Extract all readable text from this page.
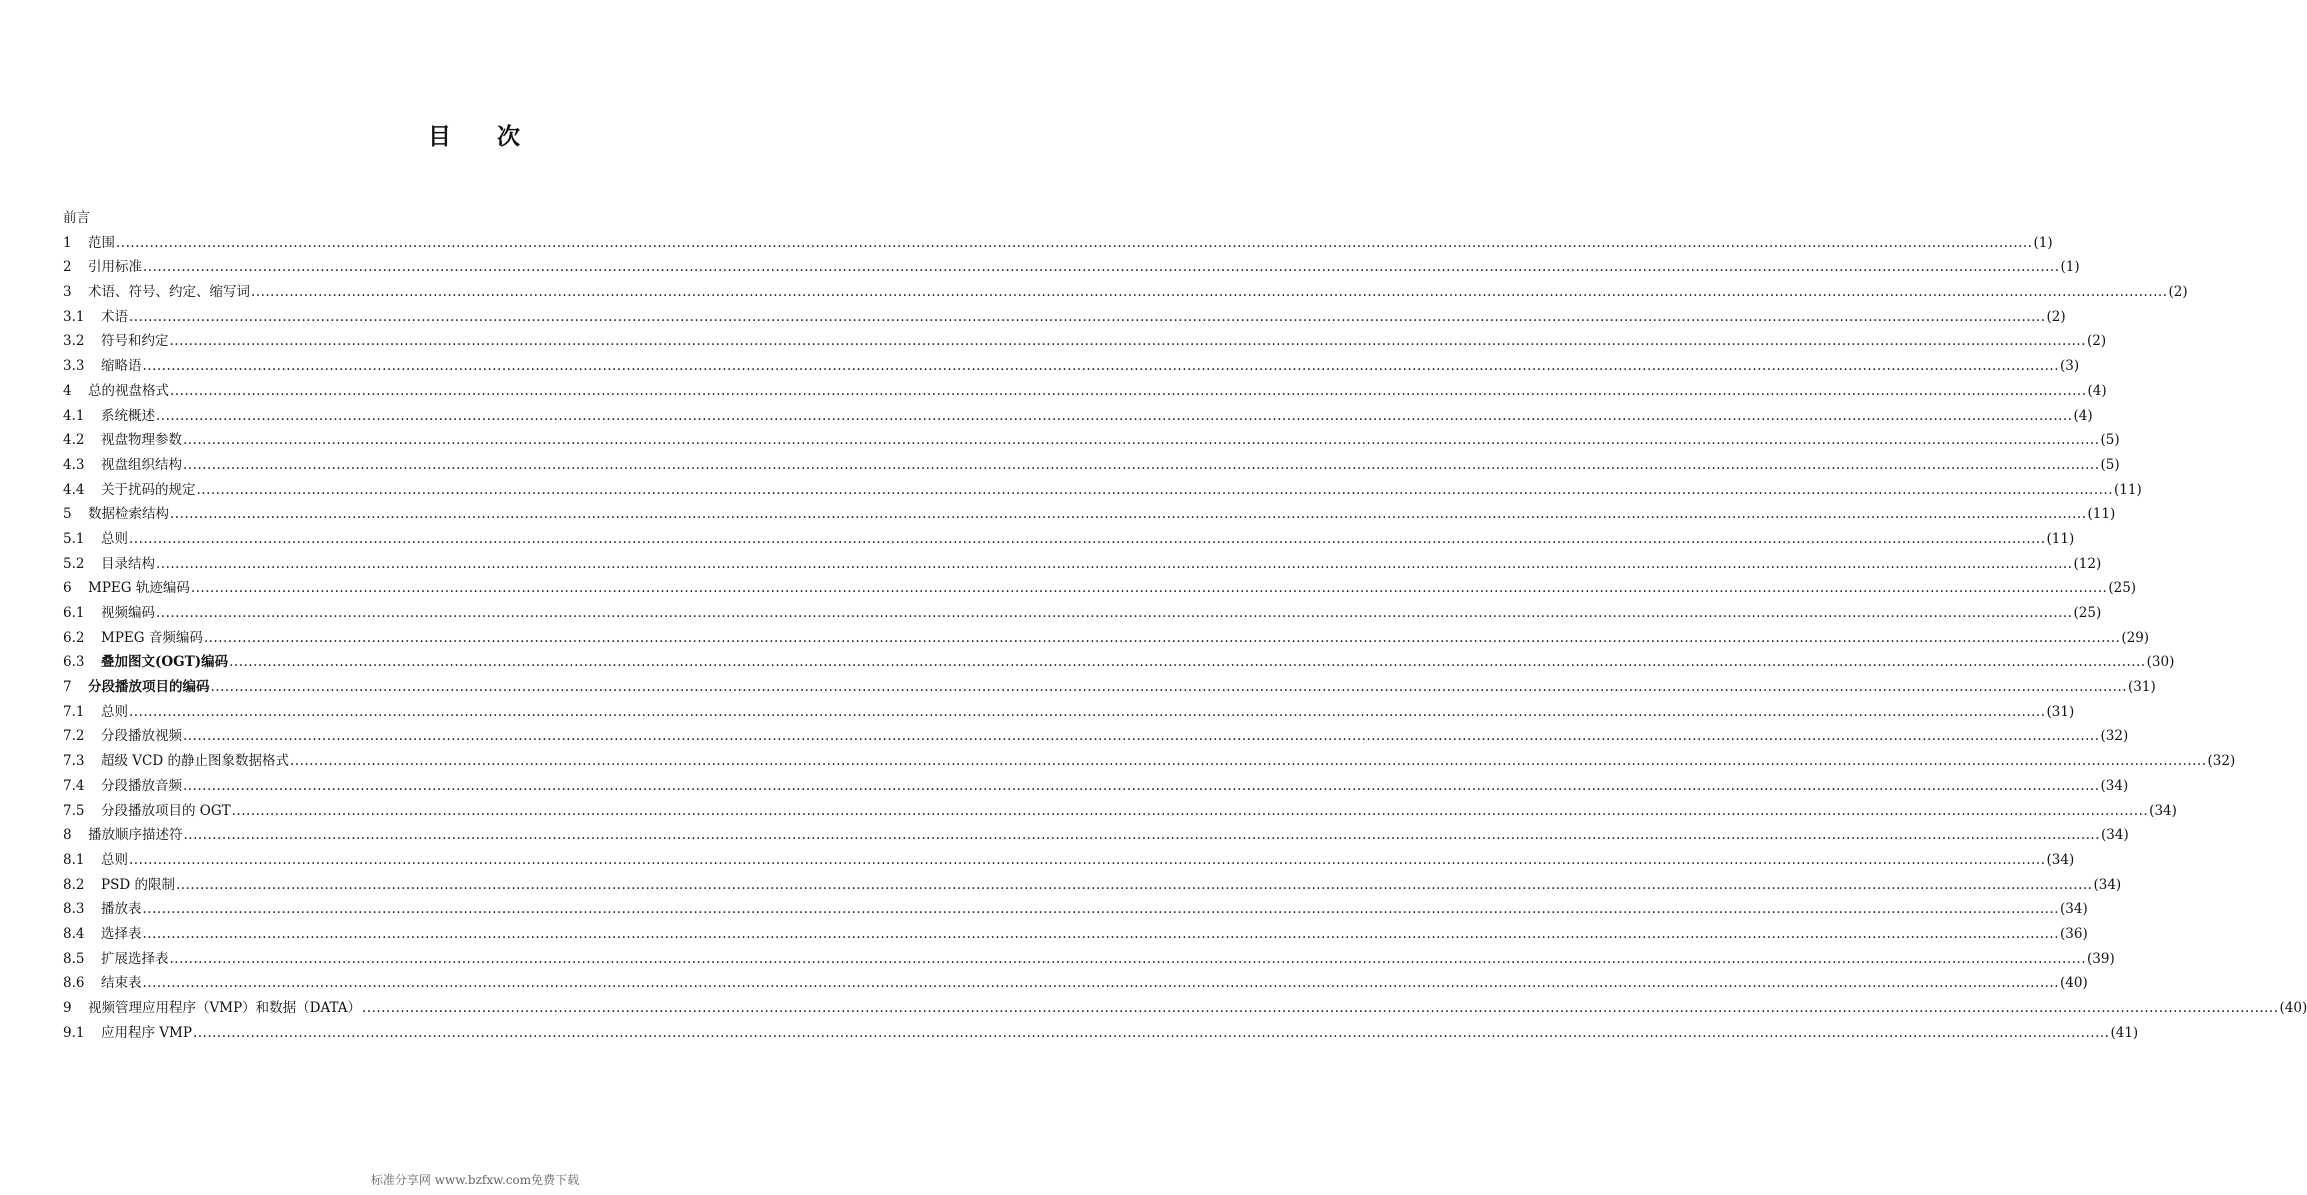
目 次
前言
1	范围 ................................................................................................................................................................................................................................................................................................................................................................................................................ (1)
2	引用标准 ................................................................................................................................................................................................................................................................................................................................................................................................................ (1)
3	术语、符号、约定、缩写词 ................................................................................................................................................................................................................................................................................................................................................................................................................ (2)
3.1	术语 ................................................................................................................................................................................................................................................................................................................................................................................................................ (2)
3.2	符号和约定 ................................................................................................................................................................................................................................................................................................................................................................................................................ (2)
3.3	缩略语 ................................................................................................................................................................................................................................................................................................................................................................................................................ (3)
4	总的视盘格式 ................................................................................................................................................................................................................................................................................................................................................................................................................ (4)
4.1	系统概述 ................................................................................................................................................................................................................................................................................................................................................................................................................ (4)
4.2	视盘物理参数 ................................................................................................................................................................................................................................................................................................................................................................................................................ (5)
4.3	视盘组织结构 ................................................................................................................................................................................................................................................................................................................................................................................................................ (5)
4.4	关于扰码的规定 ................................................................................................................................................................................................................................................................................................................................................................................................................ (11)
5	数据检索结构 ................................................................................................................................................................................................................................................................................................................................................................................................................ (11)
5.1	总则 ................................................................................................................................................................................................................................................................................................................................................................................................................ (11)
5.2	目录结构 ................................................................................................................................................................................................................................................................................................................................................................................................................ (12)
6	MPEG 轨迹编码 ................................................................................................................................................................................................................................................................................................................................................................................................................ (25)
6.1	视频编码 ................................................................................................................................................................................................................................................................................................................................................................................................................ (25)
6.2	MPEG 音频编码 ................................................................................................................................................................................................................................................................................................................................................................................................................ (29)
6.3	叠加图文(OGT)编码 ................................................................................................................................................................................................................................................................................................................................................................................................................ (30)
7	分段播放项目的编码 ................................................................................................................................................................................................................................................................................................................................................................................................................ (31)
7.1	总则 ................................................................................................................................................................................................................................................................................................................................................................................................................ (31)
7.2	分段播放视频 ................................................................................................................................................................................................................................................................................................................................................................................................................ (32)
7.3	超级 VCD 的静止图象数据格式 ................................................................................................................................................................................................................................................................................................................................................................................................................ (32)
7.4	分段播放音频 ................................................................................................................................................................................................................................................................................................................................................................................................................ (34)
7.5	分段播放项目的 OGT ................................................................................................................................................................................................................................................................................................................................................................................................................ (34)
8	播放顺序描述符 ................................................................................................................................................................................................................................................................................................................................................................................................................ (34)
8.1	总则 ................................................................................................................................................................................................................................................................................................................................................................................................................ (34)
8.2	PSD 的限制 ................................................................................................................................................................................................................................................................................................................................................................................................................ (34)
8.3	播放表 ................................................................................................................................................................................................................................................................................................................................................................................................................ (34)
8.4	选择表 ................................................................................................................................................................................................................................................................................................................................................................................................................ (36)
8.5	扩展选择表 ................................................................................................................................................................................................................................................................................................................................................................................................................ (39)
8.6	结束表 ................................................................................................................................................................................................................................................................................................................................................................................................................ (40)
9	视频管理应用程序（VMP）和数据（DATA） ................................................................................................................................................................................................................................................................................................................................................................................................................ (40)
9.1	应用程序 VMP ................................................................................................................................................................................................................................................................................................................................................................................................................ (41)
标准分享网 www.bzfxw.com免费下载
